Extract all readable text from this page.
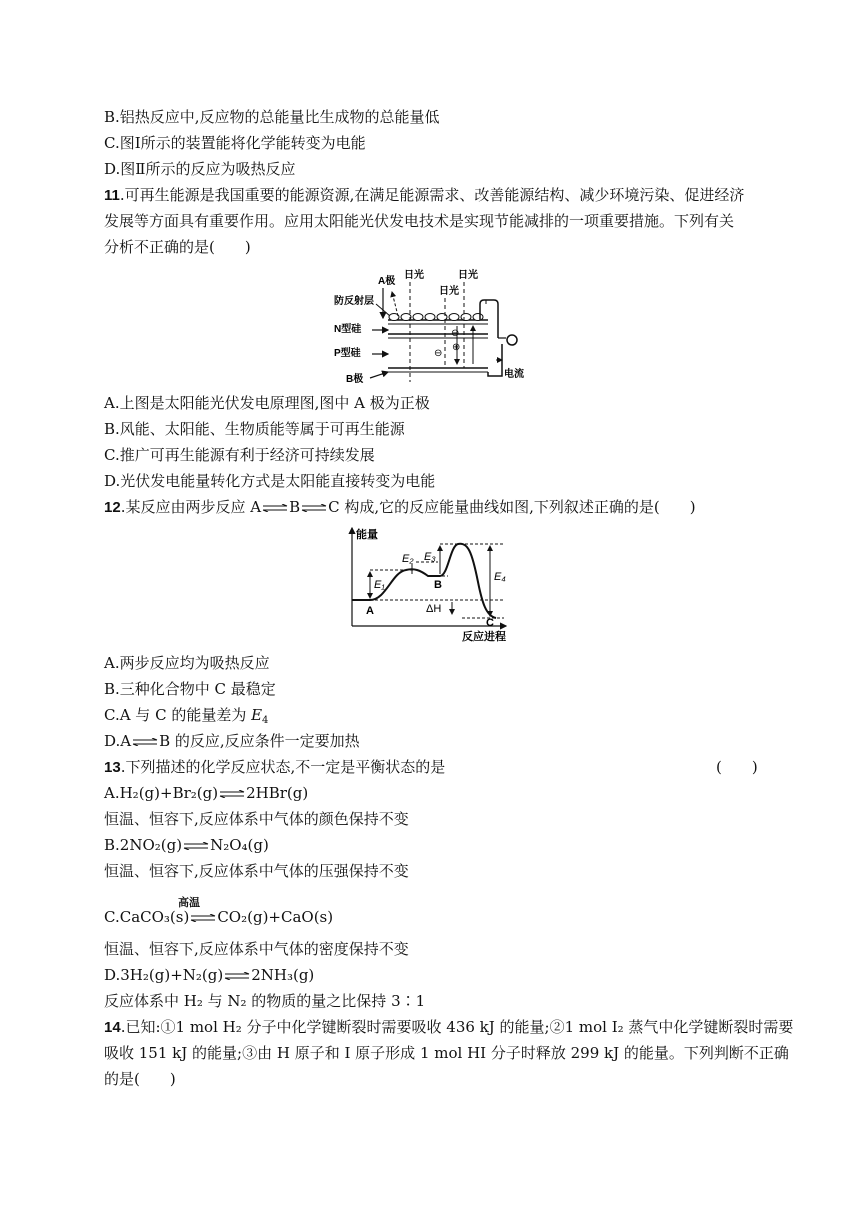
B.铝热反应中,反应物的总能量比生成物的总能量低
C.图Ⅰ所示的装置能将化学能转变为电能
D.图Ⅱ所示的反应为吸热反应
11.可再生能源是我国重要的能源资源,在满足能源需求、改善能源结构、减少环境污染、促进经济
发展等方面具有重要作用。应用太阳能光伏发电技术是实现节能减排的一项重要措施。下列有关
分析不正确的是(　　)
A极
日光
日光
日光
防反射层
N型硅
P型硅
B极	电流
⊖
⊖
⊕
A.上图是太阳能光伏发电原理图,图中 A 极为正极
B.风能、太阳能、生物质能等属于可再生能源
C.推广可再生能源有利于经济可持续发展
D.光伏发电能量转化方式是太阳能直接转变为电能
12.某反应由两步反应 A⇌B⇌C 构成,它的反应能量曲线如图,下列叙述正确的是(　　)
能量
反应进程
E₁
E₂ E₃
E₄
ΔH
A
B
C
A.两步反应均为吸热反应
B.三种化合物中 C 最稳定
C.A 与 C 的能量差为 $E_4$
D.A⇌B 的反应,反应条件一定要加热
13.下列描述的化学反应状态,不一定是平衡状态的是	(　　)
A.H₂(g)+Br₂(g)⇌2HBr(g)
恒温、恒容下,反应体系中气体的颜色保持不变
B.2NO₂(g)⇌N₂O₄(g)
恒温、恒容下,反应体系中气体的压强保持不变
高温
C.CaCO₃(s)⇌CO₂(g)+CaO(s)
恒温、恒容下,反应体系中气体的密度保持不变
D.3H₂(g)+N₂(g)⇌2NH₃(g)
反应体系中 H₂ 与 N₂ 的物质的量之比保持 3∶1
14.已知:①1 mol H₂ 分子中化学键断裂时需要吸收 436 kJ 的能量;②1 mol I₂ 蒸气中化学键断裂时需要
吸收 151 kJ 的能量;③由 H 原子和 I 原子形成 1 mol HI 分子时释放 299 kJ 的能量。下列判断不正确
的是(　　)
